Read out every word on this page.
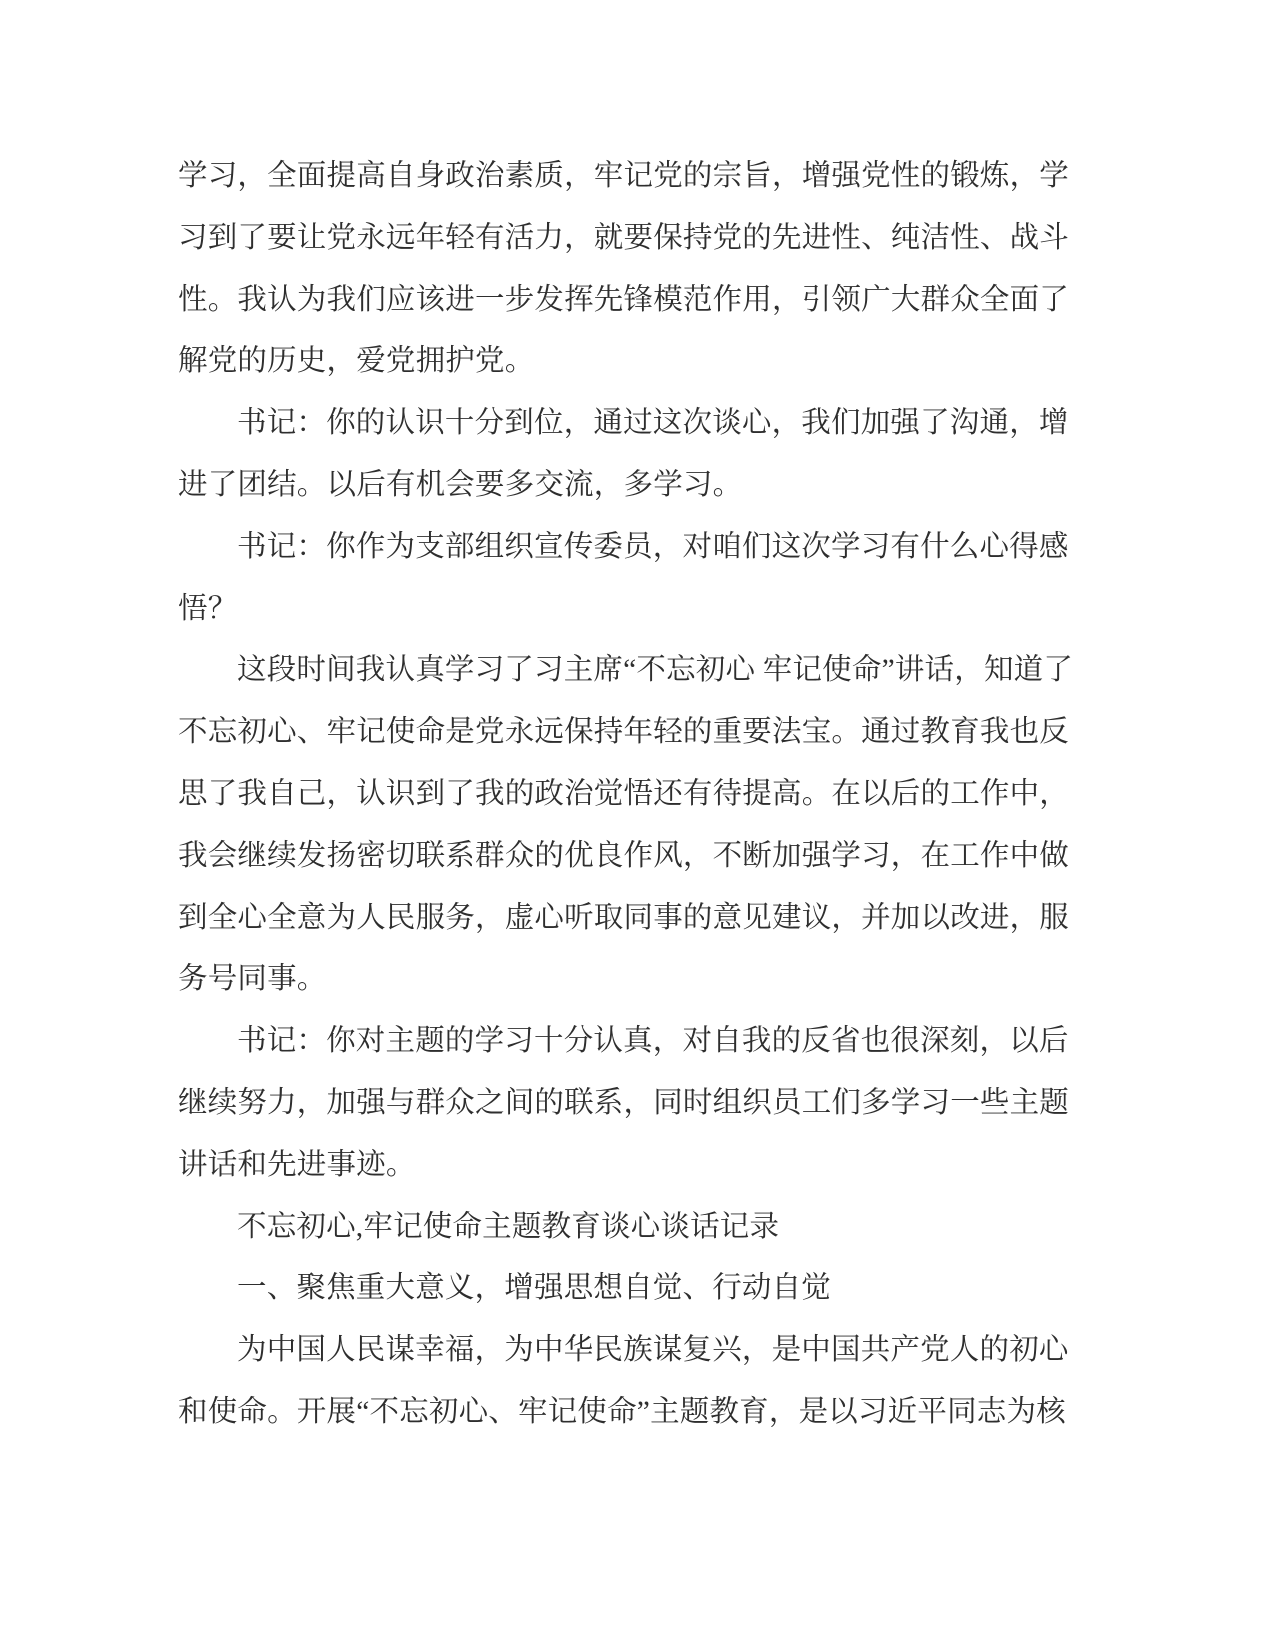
学习，全面提高自身政治素质，牢记党的宗旨，增强党性的锻炼，学
习到了要让党永远年轻有活力，就要保持党的先进性、纯洁性、战斗
性。我认为我们应该进一步发挥先锋模范作用，引领广大群众全面了
解党的历史，爱党拥护党。
书记：你的认识十分到位，通过这次谈心，我们加强了沟通，增
进了团结。以后有机会要多交流，多学习。
书记：你作为支部组织宣传委员，对咱们这次学习有什么心得感
悟？
这段时间我认真学习了习主席“不忘初心 牢记使命”讲话，知道了
不忘初心、牢记使命是党永远保持年轻的重要法宝。通过教育我也反
思了我自己，认识到了我的政治觉悟还有待提高。在以后的工作中，
我会继续发扬密切联系群众的优良作风，不断加强学习，在工作中做
到全心全意为人民服务，虚心听取同事的意见建议，并加以改进，服
务号同事。
书记：你对主题的学习十分认真，对自我的反省也很深刻，以后
继续努力，加强与群众之间的联系，同时组织员工们多学习一些主题
讲话和先进事迹。
不忘初心,牢记使命主题教育谈心谈话记录
一、聚焦重大意义，增强思想自觉、行动自觉
为中国人民谋幸福，为中华民族谋复兴，是中国共产党人的初心
和使命。开展“不忘初心、牢记使命”主题教育，是以习近平同志为核
